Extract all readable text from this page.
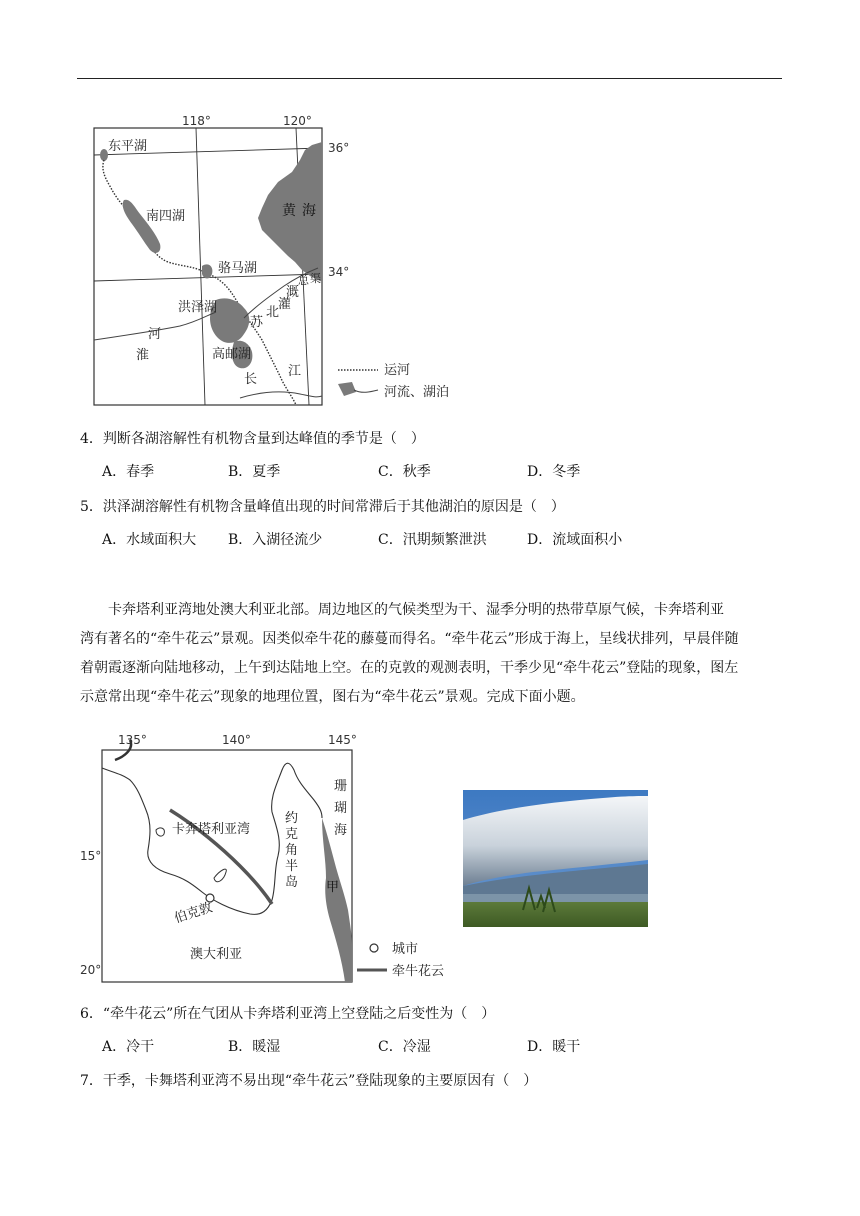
118°	120°
36°
34°
东平湖
南四湖
骆马湖
洪泽湖
高邮湖
黄 海
淮
河
苏
北
灌
溉
总 渠
长
江	运河
河流、湖泊
4．判断各湖溶解性有机物含量到达峰值的季节是（　）
A．春季	B．夏季	C．秋季	D．冬季
5．洪泽湖溶解性有机物含量峰值出现的时间常滞后于其他湖泊的原因是（　）
A．水域面积大 B．入湖径流少	C．汛期频繁泄洪	D．流域面积小
卡奔塔利亚湾地处澳大利亚北部。周边地区的气候类型为干、湿季分明的热带草原气候，卡奔塔利亚
湾有著名的“牵牛花云”景观。因类似牵牛花的藤蔓而得名。“牵牛花云”形成于海上，呈线状排列，早晨伴随
着朝霞逐渐向陆地移动，上午到达陆地上空。在的克敦的观测表明，干季少见“牵牛花云”登陆的现象，图左
示意常出现“牵牛花云”现象的地理位置，图右为“牵牛花云”景观。完成下面小题。
135°	140°	145°
15°
20°
卡奔塔利亚湾
珊
瑚
海
约
克
角
半
岛 甲
伯克敦
澳大利亚	城市
牵牛花云
6．“牵牛花云”所在气团从卡奔塔利亚湾上空登陆之后变性为（　）
A．冷干	B．暖湿	C．冷湿	D．暖干
7．干季，卡舞塔利亚湾不易出现“牵牛花云”登陆现象的主要原因有（　）
